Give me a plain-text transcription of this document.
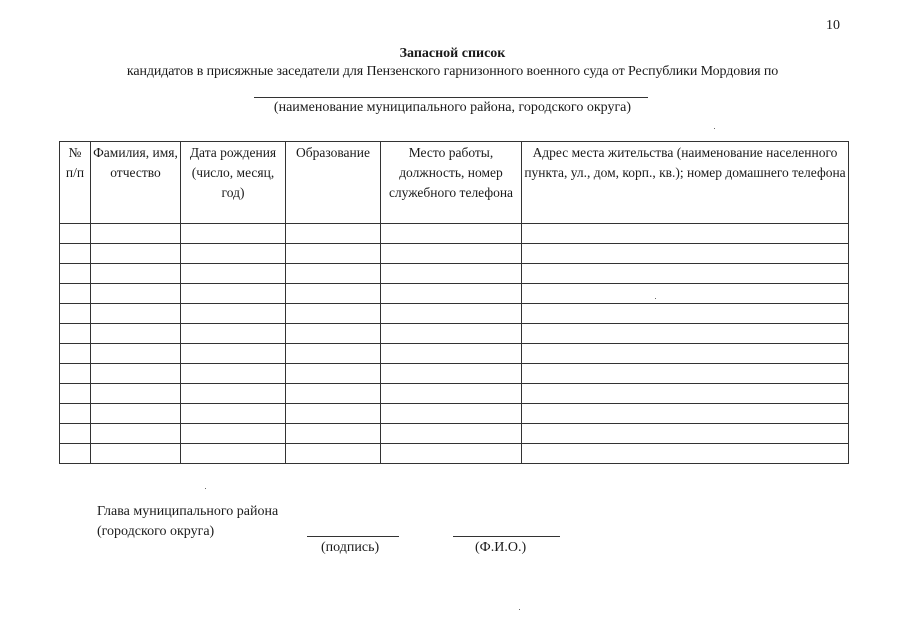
10
Запасной список
кандидатов в присяжные заседатели для Пензенского гарнизонного военного суда от Республики Мордовия по
(наименование муниципального района, городского округа)
№ п/п	Фамилия, имя, отчество	Дата рождения (число, месяц, год)	Образование	Место работы, должность, номер служебного телефона	Адрес места жительства (наименование населенного пункта, ул., дом, корп., кв.); номер домашнего телефона

Глава муниципального района (городского округа)
(подпись)	(Ф.И.О.)
